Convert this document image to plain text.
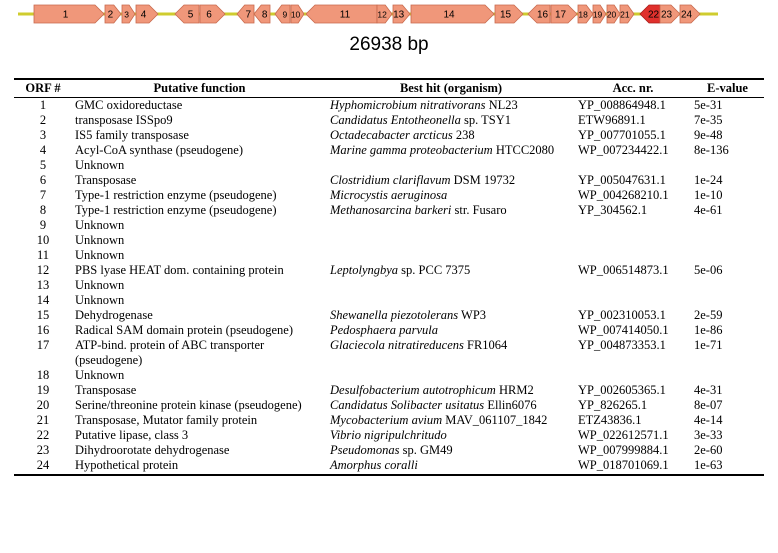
1	2 3 4	5 6	7 8 9 10	11	12 13	14	15	16 17 18 19 20 21 22 23 24
26938 bp
ORF #	Putative function	Best hit (organism)	Acc. nr.	E-value
1	GMC oxidoreductase	Hyphomicrobium nitrativorans NL23	YP_008864948.1	5e-31
2	transposase ISSpo9	Candidatus Entotheonella sp. TSY1	ETW96891.1	7e-35
3	IS5 family transposase	Octadecabacter arcticus 238	YP_007701055.1	9e-48
4	Acyl-CoA synthase (pseudogene)	Marine gamma proteobacterium HTCC2080	WP_007234422.1	8e-136
5	Unknown			
6	Transposase	Clostridium clariflavum DSM 19732	YP_005047631.1	1e-24
7	Type-1 restriction enzyme (pseudogene)	Microcystis aeruginosa	WP_004268210.1	1e-10
8	Type-1 restriction enzyme (pseudogene)	Methanosarcina barkeri str. Fusaro	YP_304562.1	4e-61
9	Unknown			
10	Unknown			
11	Unknown			
12	PBS lyase HEAT dom. containing protein	Leptolyngbya sp. PCC 7375	WP_006514873.1	5e-06
13	Unknown			
14	Unknown			
15	Dehydrogenase	Shewanella piezotolerans WP3	YP_002310053.1	2e-59
16	Radical SAM domain protein (pseudogene)	Pedosphaera parvula	WP_007414050.1	1e-86
17	ATP-bind. protein of ABC transporter (pseudogene)	Glaciecola nitratireducens FR1064	YP_004873353.1	1e-71
18	Unknown			
19	Transposase	Desulfobacterium autotrophicum HRM2	YP_002605365.1	4e-31
20	Serine/threonine protein kinase (pseudogene)	Candidatus Solibacter usitatus Ellin6076	YP_826265.1	8e-07
21	Transposase, Mutator family protein	Mycobacterium avium MAV_061107_1842	ETZ43836.1	4e-14
22	Putative lipase, class 3	Vibrio nigripulchritudo	WP_022612571.1	3e-33
23	Dihydroorotate dehydrogenase	Pseudomonas sp. GM49	WP_007999884.1	2e-60
24	Hypothetical protein	Amorphus coralli	WP_018701069.1	1e-63
